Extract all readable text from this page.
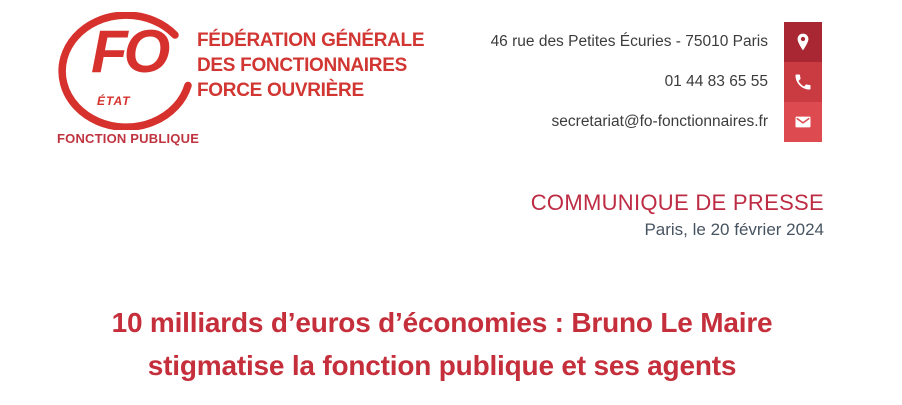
FO
ÉTAT
FONCTION PUBLIQUE
FÉDÉRATION GÉNÉRALE
DES FONCTIONNAIRES
FORCE OUVRIÈRE
46 rue des Petites Écuries - 75010 Paris
01 44 83 65 55
secretariat@fo-fonctionnaires.fr
COMMUNIQUE DE PRESSE
Paris, le 20 février 2024
10 milliards d’euros d’économies : Bruno Le Maire
stigmatise la fonction publique et ses agents
